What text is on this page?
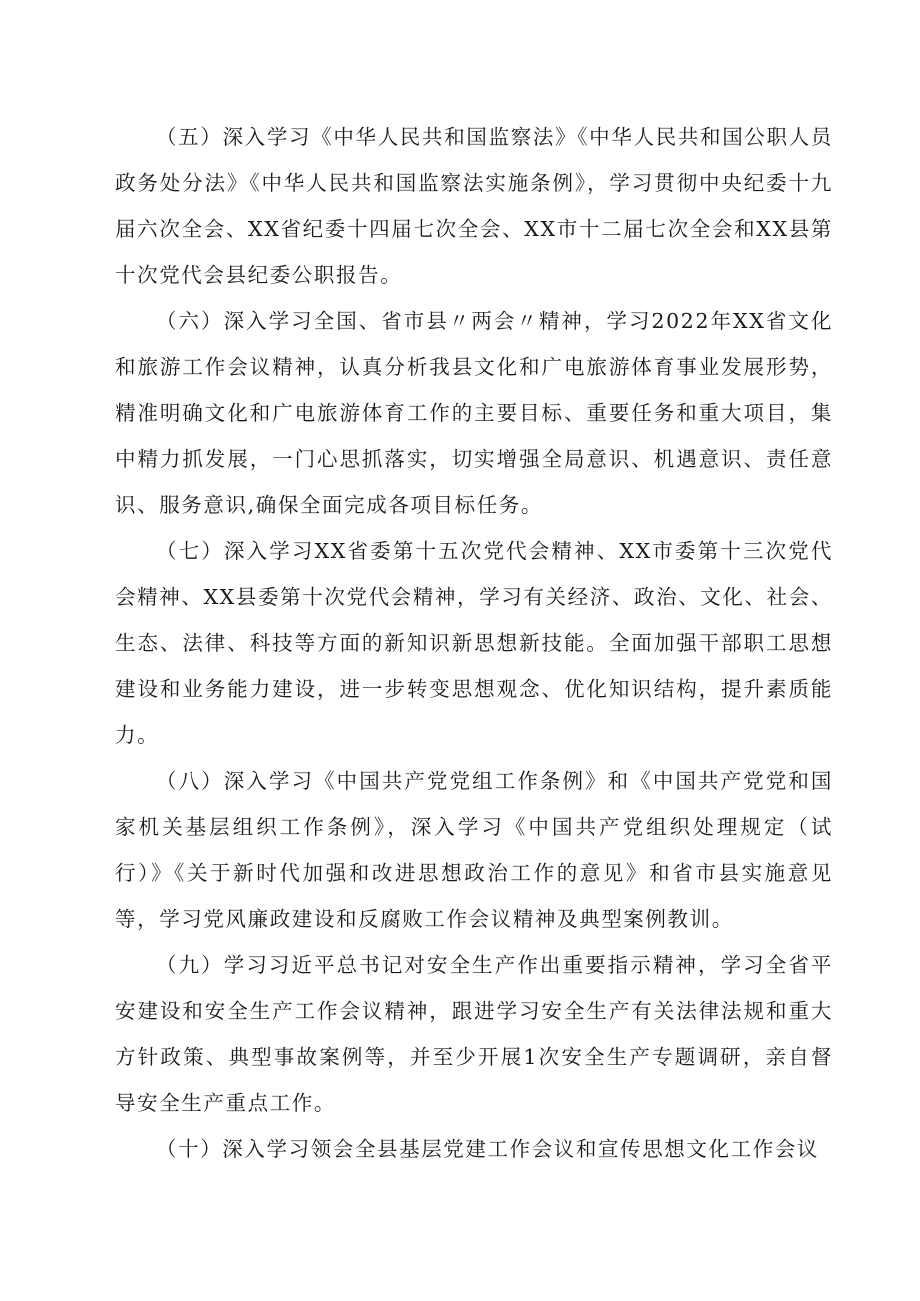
（五）深入学习《中华人民共和国监察法》《中华人民共和国公职人员政务处分法》《中华人民共和国监察法实施条例》，学习贯彻中央纪委十九届六次全会、XX省纪委十四届七次全会、XX市十二届七次全会和XX县第十次党代会县纪委公职报告。

（六）深入学习全国、省市县〃两会〃精神，学习2022年XX省文化和旅游工作会议精神，认真分析我县文化和广电旅游体育事业发展形势，精准明确文化和广电旅游体育工作的主要目标、重要任务和重大项目，集中精力抓发展，一门心思抓落实，切实增强全局意识、机遇意识、责任意识、服务意识,确保全面完成各项目标任务。

（七）深入学习XX省委第十五次党代会精神、XX市委第十三次党代会精神、XX县委第十次党代会精神，学习有关经济、政治、文化、社会、生态、法律、科技等方面的新知识新思想新技能。全面加强干部职工思想建设和业务能力建设，进一步转变思想观念、优化知识结构，提升素质能力。

（八）深入学习《中国共产党党组工作条例》和《中国共产党党和国家机关基层组织工作条例》，深入学习《中国共产党组织处理规定（试行）》《关于新时代加强和改进思想政治工作的意见》和省市县实施意见等，学习党风廉政建设和反腐败工作会议精神及典型案例教训。

（九）学习习近平总书记对安全生产作出重要指示精神，学习全省平安建设和安全生产工作会议精神，跟进学习安全生产有关法律法规和重大方针政策、典型事故案例等，并至少开展1次安全生产专题调研，亲自督导安全生产重点工作。

（十）深入学习领会全县基层党建工作会议和宣传思想文化工作会议
